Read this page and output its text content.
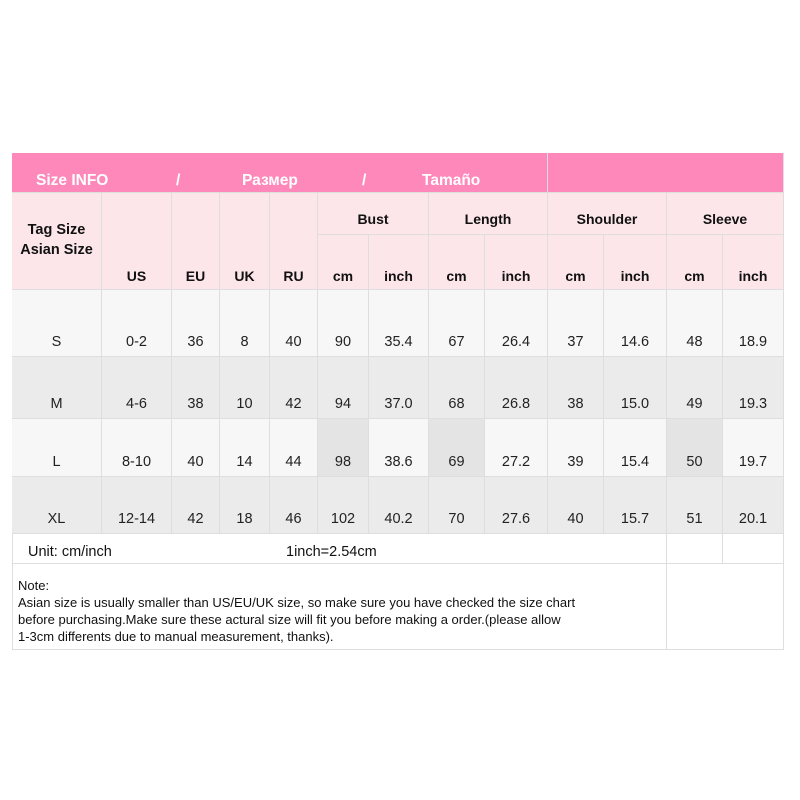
Size INFO	/	Размер	/	Tamaño
Tag Size
Asian Size
US	EU	UK	RU
Bust	Length	Shoulder	Sleeve
cm	inch	cm	inch	cm	inch	cm	inch
S	0-2	36	8	40	90	35.4	67	26.4	37	14.6	48	18.9
M	4-6	38	10	42	94	37.0	68	26.8	38	15.0	49	19.3
L	8-10	40	14	44	98	38.6	69	27.2	39	15.4	50	19.7
XL	12-14	42	18	46	102	40.2	70	27.6	40	15.7	51	20.1
Unit: cm/inch	1inch=2.54cm
Note:
Asian size is usually smaller than US/EU/UK size, so make sure you have checked the size chart
before purchasing.Make sure these actural size will fit you before making a order.(please allow
1-3cm differents due to manual measurement, thanks).
